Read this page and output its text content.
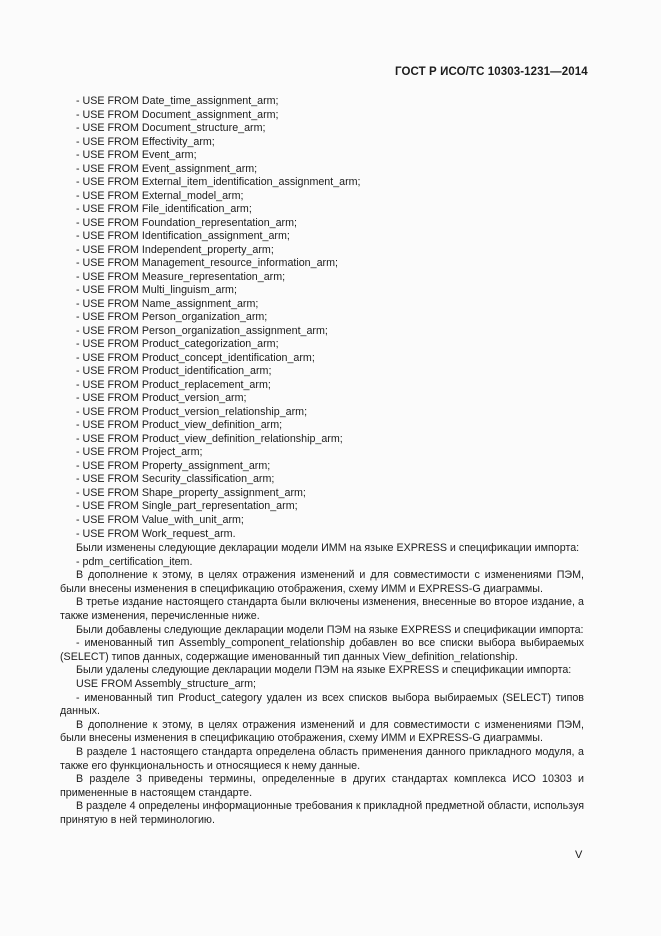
ГОСТ Р ИСО/ТС 10303-1231—2014
- USE FROM Date_time_assignment_arm;
- USE FROM Document_assignment_arm;
- USE FROM Document_structure_arm;
- USE FROM Effectivity_arm;
- USE FROM Event_arm;
- USE FROM Event_assignment_arm;
- USE FROM External_item_identification_assignment_arm;
- USE FROM External_model_arm;
- USE FROM File_identification_arm;
- USE FROM Foundation_representation_arm;
- USE FROM Identification_assignment_arm;
- USE FROM Independent_property_arm;
- USE FROM Management_resource_information_arm;
- USE FROM Measure_representation_arm;
- USE FROM Multi_linguism_arm;
- USE FROM Name_assignment_arm;
- USE FROM Person_organization_arm;
- USE FROM Person_organization_assignment_arm;
- USE FROM Product_categorization_arm;
- USE FROM Product_concept_identification_arm;
- USE FROM Product_identification_arm;
- USE FROM Product_replacement_arm;
- USE FROM Product_version_arm;
- USE FROM Product_version_relationship_arm;
- USE FROM Product_view_definition_arm;
- USE FROM Product_view_definition_relationship_arm;
- USE FROM Project_arm;
- USE FROM Property_assignment_arm;
- USE FROM Security_classification_arm;
- USE FROM Shape_property_assignment_arm;
- USE FROM Single_part_representation_arm;
- USE FROM Value_with_unit_arm;
- USE FROM Work_request_arm.

Были изменены следующие декларации модели ИММ на языке EXPRESS и спецификации импорта:

- pdm_certification_item.

В дополнение к этому, в целях отражения изменений и для совместимости с изменениями ПЭМ, были внесены изменения в спецификацию отображения, схему ИММ и EXPRESS-G диаграммы.

В третье издание настоящего стандарта были включены изменения, внесенные во второе издание, а также изменения, перечисленные ниже.

Были добавлены следующие декларации модели ПЭМ на языке EXPRESS и спецификации импорта:

- именованный тип Assembly_component_relationship добавлен во все списки выбора выбираемых (SELECT) типов данных, содержащие именованный тип данных View_definition_relationship.

Были удалены следующие декларации модели ПЭМ на языке EXPRESS и спецификации импорта:

USE FROM Assembly_structure_arm;

- именованный тип Product_category удален из всех списков выбора выбираемых (SELECT) типов данных.

В дополнение к этому, в целях отражения изменений и для совместимости с изменениями ПЭМ, были внесены изменения в спецификацию отображения, схему ИММ и EXPRESS-G диаграммы.

В разделе 1 настоящего стандарта определена область применения данного прикладного модуля, а также его функциональность и относящиеся к нему данные.

В разделе 3 приведены термины, определенные в других стандартах комплекса ИСО 10303 и примененные в настоящем стандарте.

В разделе 4 определены информационные требования к прикладной предметной области, используя принятую в ней терминологию.

V
